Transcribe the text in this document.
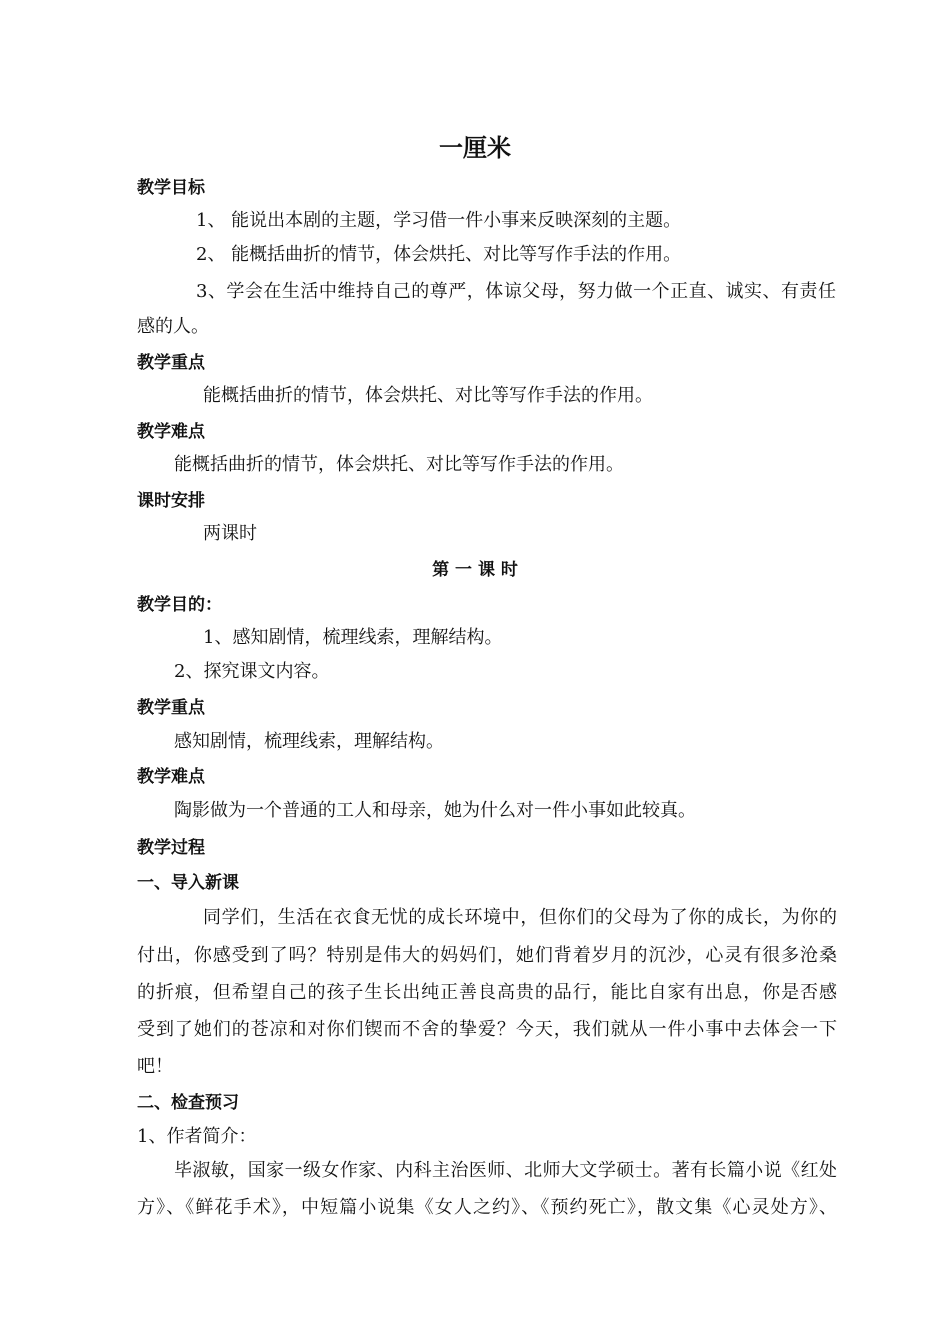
一厘米
教学目标
1、 能说出本剧的主题，学习借一件小事来反映深刻的主题。
2、 能概括曲折的情节，体会烘托、对比等写作手法的作用。
3、学会在生活中维持自己的尊严，体谅父母，努力做一个正直、诚实、有责任
感的人。
教学重点
能概括曲折的情节，体会烘托、对比等写作手法的作用。
教学难点
能概括曲折的情节，体会烘托、对比等写作手法的作用。
课时安排
两课时
第 一 课 时
教学目的：
1、感知剧情，梳理线索，理解结构。
2、探究课文内容。
教学重点
感知剧情，梳理线索，理解结构。
教学难点
陶影做为一个普通的工人和母亲，她为什么对一件小事如此较真。
教学过程
一、导入新课
同学们，生活在衣食无忧的成长环境中，但你们的父母为了你的成长，为你的
付出，你感受到了吗？特别是伟大的妈妈们，她们背着岁月的沉沙，心灵有很多沧桑
的折痕，但希望自己的孩子生长出纯正善良高贵的品行，能比自家有出息，你是否感
受到了她们的苍凉和对你们锲而不舍的挚爱？今天，我们就从一件小事中去体会一下
吧！
二、检查预习
1、作者简介：
毕淑敏，国家一级女作家、内科主治医师、北师大文学硕士。著有长篇小说《红处
方》、《鲜花手术》，中短篇小说集《女人之约》、《预约死亡》，散文集《心灵处方》、
